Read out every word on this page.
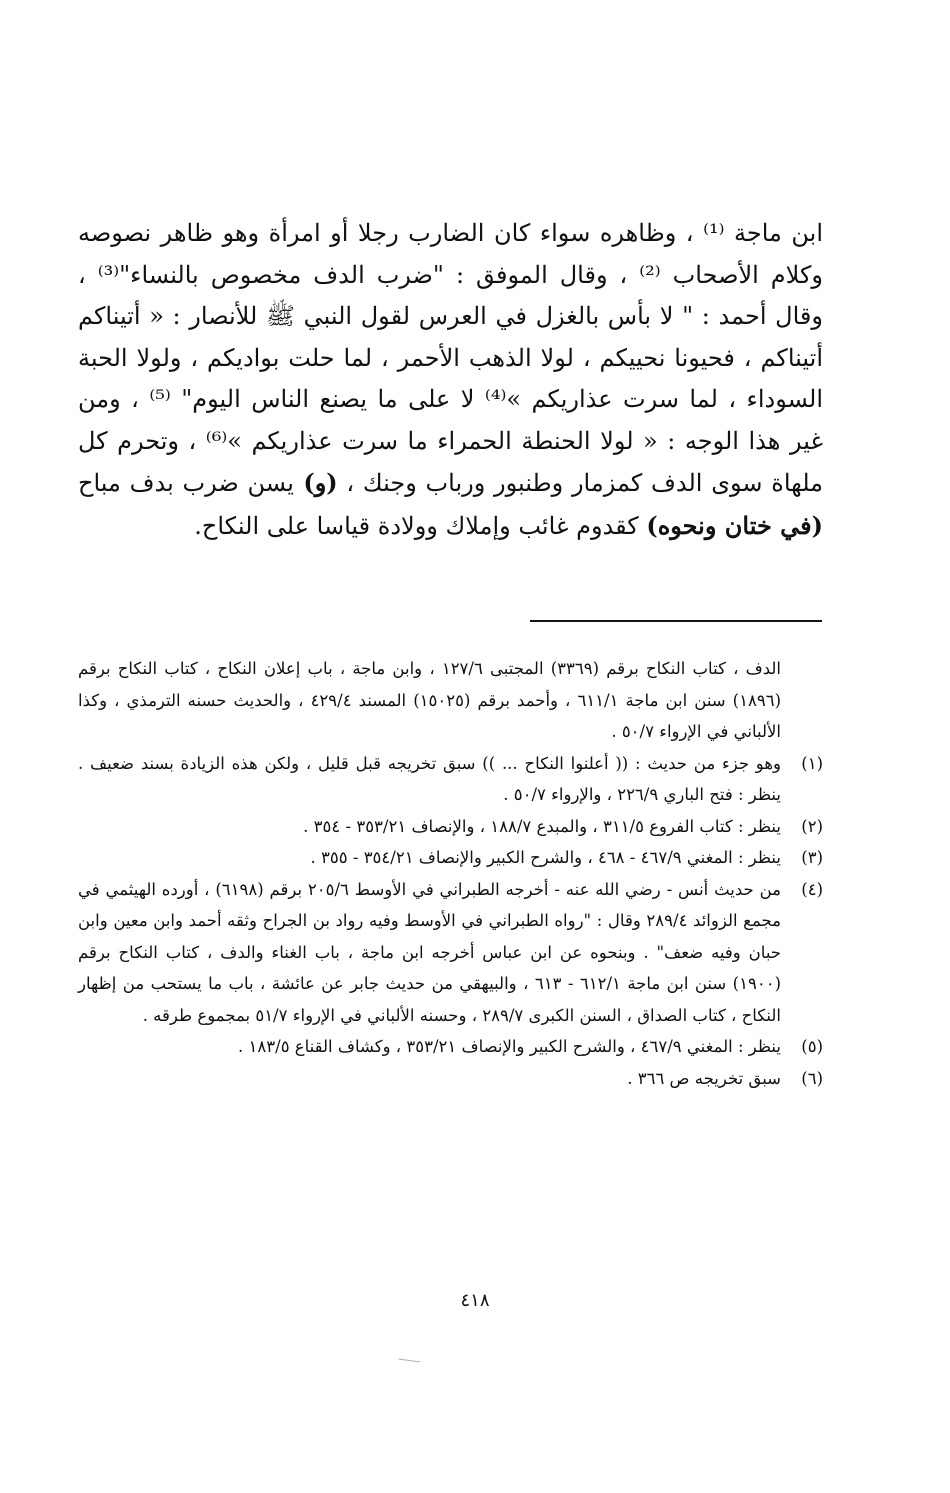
ابن ماجة ⁽¹⁾ ، وظاهره سواء كان الضارب رجلا أو امرأة وهو ظاهر نصوصه وكلام الأصحاب ⁽²⁾ ، وقال الموفق : "ضرب الدف مخصوص بالنساء"⁽³⁾ ، وقال أحمد : " لا بأس بالغزل في العرس لقول النبي ﷺ للأنصار : « أتيناكم أتيناكم ، فحيونا نحييكم ، لولا الذهب الأحمر ، لما حلت بواديكم ، ولولا الحبة السوداء ، لما سرت عذاريكم »⁽⁴⁾ لا على ما يصنع الناس اليوم" ⁽⁵⁾ ، ومن غير هذا الوجه : « لولا الحنطة الحمراء ما سرت عذاريكم »⁽⁶⁾ ، وتحرم كل ملهاة سوى الدف كمزمار وطنبور ورباب وجنك ، (و) يسن ضرب بدف مباح (في ختان ونحوه) كقدوم غائب وإملاك وولادة قياسا على النكاح.

الدف ، كتاب النكاح برقم (٣٣٦٩) المجتبى ١٢٧/٦ ، وابن ماجة ، باب إعلان النكاح ، كتاب النكاح برقم (١٨٩٦) سنن ابن ماجة ٦١١/١ ، وأحمد برقم (١٥٠٢٥) المسند ٤٢٩/٤ ، والحديث حسنه الترمذي ، وكذا الألباني في الإرواء ٥٠/٧ .
(١)
وهو جزء من حديث : (( أعلنوا النكاح ... )) سبق تخريجه قبل قليل ، ولكن هذه الزيادة بسند ضعيف . ينظر : فتح الباري ٢٢٦/٩ ، والإرواء ٥٠/٧ .
(٢)
ينظر : كتاب الفروع ٣١١/٥ ، والمبدع ١٨٨/٧ ، والإنصاف ٣٥٣/٢١ - ٣٥٤ .
(٣)
ينظر : المغني ٤٦٧/٩ - ٤٦٨ ، والشرح الكبير والإنصاف ٣٥٤/٢١ - ٣٥٥ .
(٤)
من حديث أنس - رضي الله عنه - أخرجه الطبراني في الأوسط ٢٠٥/٦ برقم (٦١٩٨) ، أورده الهيثمي في مجمع الزوائد ٢٨٩/٤ وقال : "رواه الطبراني في الأوسط وفيه رواد بن الجراح وثقه أحمد وابن معين وابن حبان وفيه ضعف" . وبنحوه عن ابن عباس أخرجه ابن ماجة ، باب الغناء والدف ، كتاب النكاح برقم (١٩٠٠) سنن ابن ماجة ٦١٢/١ - ٦١٣ ، والبيهقي من حديث جابر عن عائشة ، باب ما يستحب من إظهار النكاح ، كتاب الصداق ، السنن الكبرى ٢٨٩/٧ ، وحسنه الألباني في الإرواء ٥١/٧ بمجموع طرقه .
(٥)
ينظر : المغني ٤٦٧/٩ ، والشرح الكبير والإنصاف ٣٥٣/٢١ ، وكشاف القناع ١٨٣/٥ .
(٦)
سبق تخريجه ص ٣٦٦ .
٤١٨
